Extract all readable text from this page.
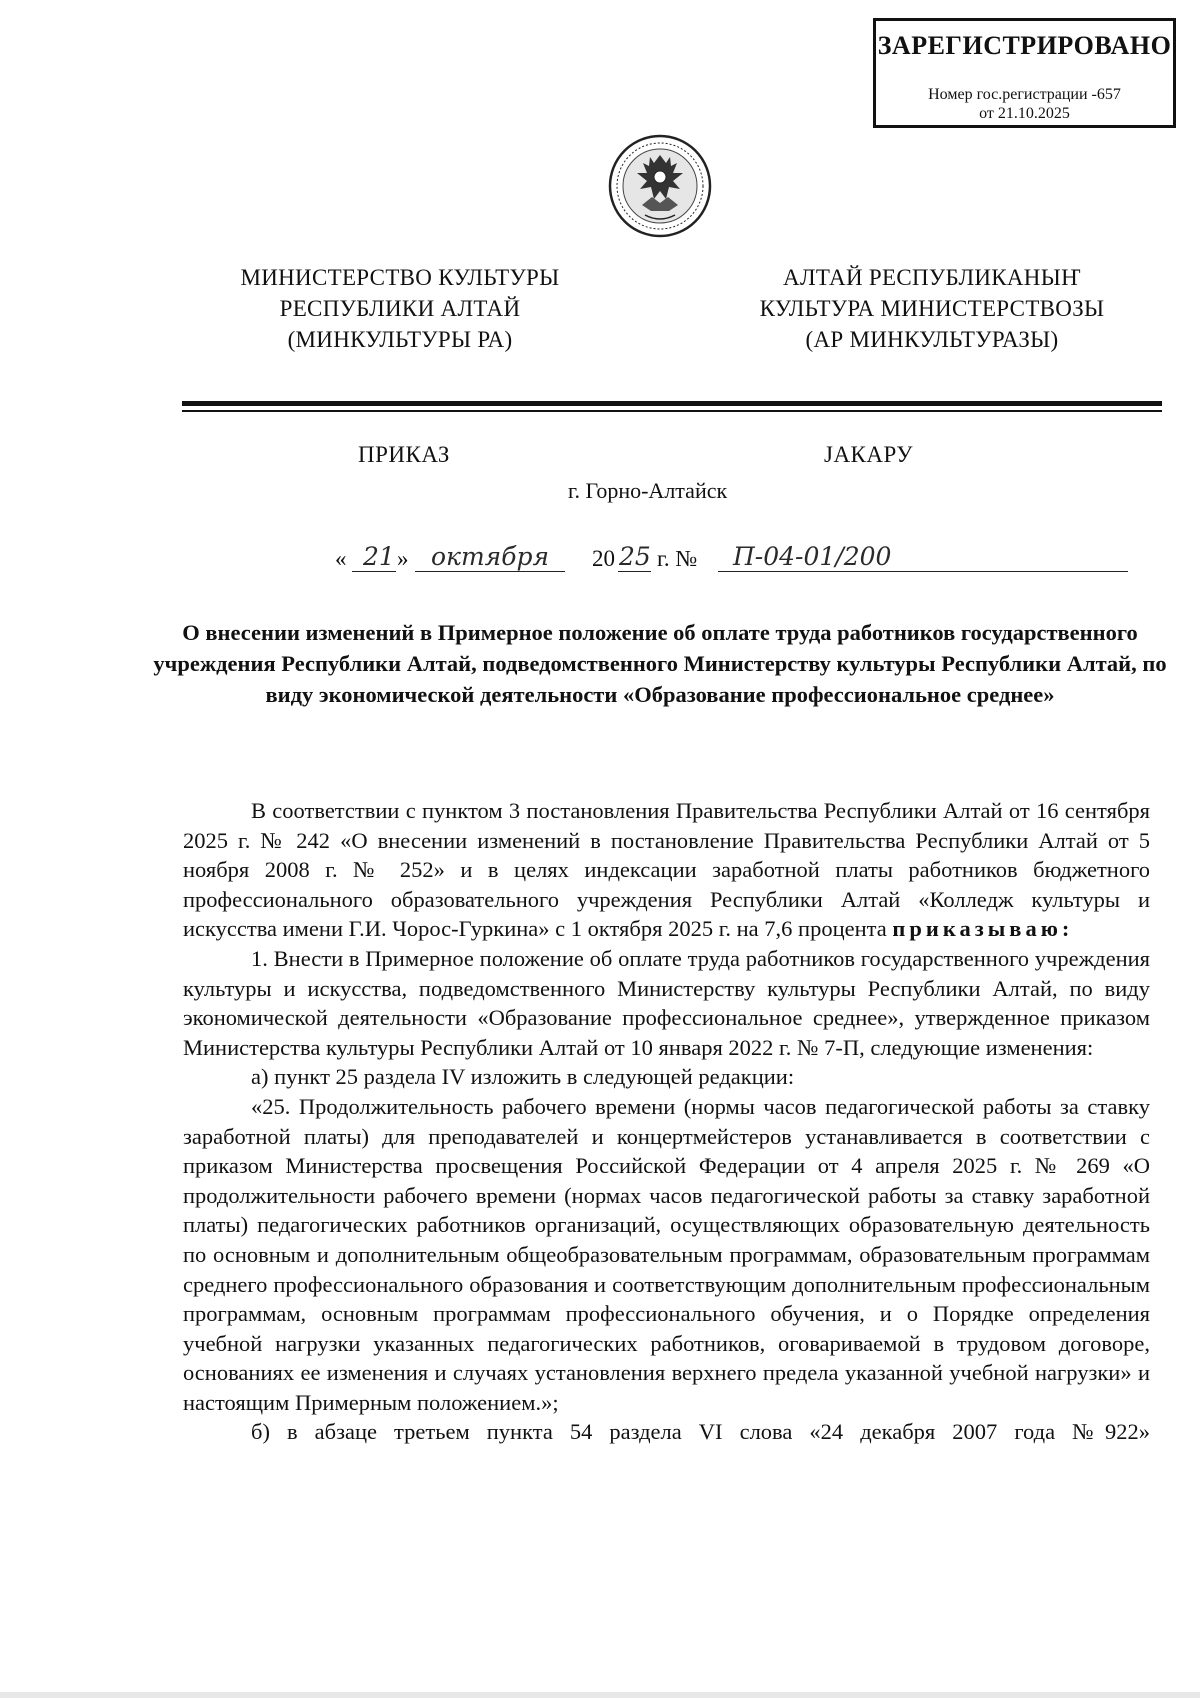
ЗАРЕГИСТРИРОВАНО
Номер гос.регистрации -657
от 21.10.2025
МИНИСТЕРСТВО КУЛЬТУРЫ
РЕСПУБЛИКИ АЛТАЙ
(МИНКУЛЬТУРЫ РА)
АЛТАЙ РЕСПУБЛИКАНЫҤ
КУЛЬТУРА МИНИСТЕРСТВОЗЫ
(АР МИНКУЛЬТУРАЗЫ)
ПРИКАЗ	ЈАКАРУ
г. Горно-Алтайск
« 21 » октября 20 25 г. № П-04-01/200
О внесении изменений в Примерное положение об оплате труда работников государственного учреждения Республики Алтай, подведомственного Министерству культуры Республики Алтай, по виду экономической деятельности «Образование профессиональное среднее»

В соответствии с пунктом 3 постановления Правительства Республики Алтай от 16 сентября 2025 г. № 242 «О внесении изменений в постановление Правительства Республики Алтай от 5 ноября 2008 г. № 252» и в целях индексации заработной платы работников бюджетного профессионального образовательного учреждения Республики Алтай «Колледж культуры и искусства имени Г.И. Чорос-Гуркина» с 1 октября 2025 г. на 7,6 процента приказываю:

1. Внести в Примерное положение об оплате труда работников государственного учреждения культуры и искусства, подведомственного Министерству культуры Республики Алтай, по виду экономической деятельности «Образование профессиональное среднее», утвержденное приказом Министерства культуры Республики Алтай от 10 января 2022 г. № 7-П, следующие изменения:

а) пункт 25 раздела IV изложить в следующей редакции:

«25. Продолжительность рабочего времени (нормы часов педагогической работы за ставку заработной платы) для преподавателей и концертмейстеров устанавливается в соответствии с приказом Министерства просвещения Российской Федерации от 4 апреля 2025 г. № 269 «О продолжительности рабочего времени (нормах часов педагогической работы за ставку заработной платы) педагогических работников организаций, осуществляющих образовательную деятельность по основным и дополнительным общеобразовательным программам, образовательным программам среднего профессионального образования и соответствующим дополнительным профессиональным программам, основным программам профессионального обучения, и о Порядке определения учебной нагрузки указанных педагогических работников, оговариваемой в трудовом договоре, основаниях ее изменения и случаях установления верхнего предела указанной учебной нагрузки» и настоящим Примерным положением.»;

б) в абзаце третьем пункта 54 раздела VI слова «24 декабря 2007 года №922»
